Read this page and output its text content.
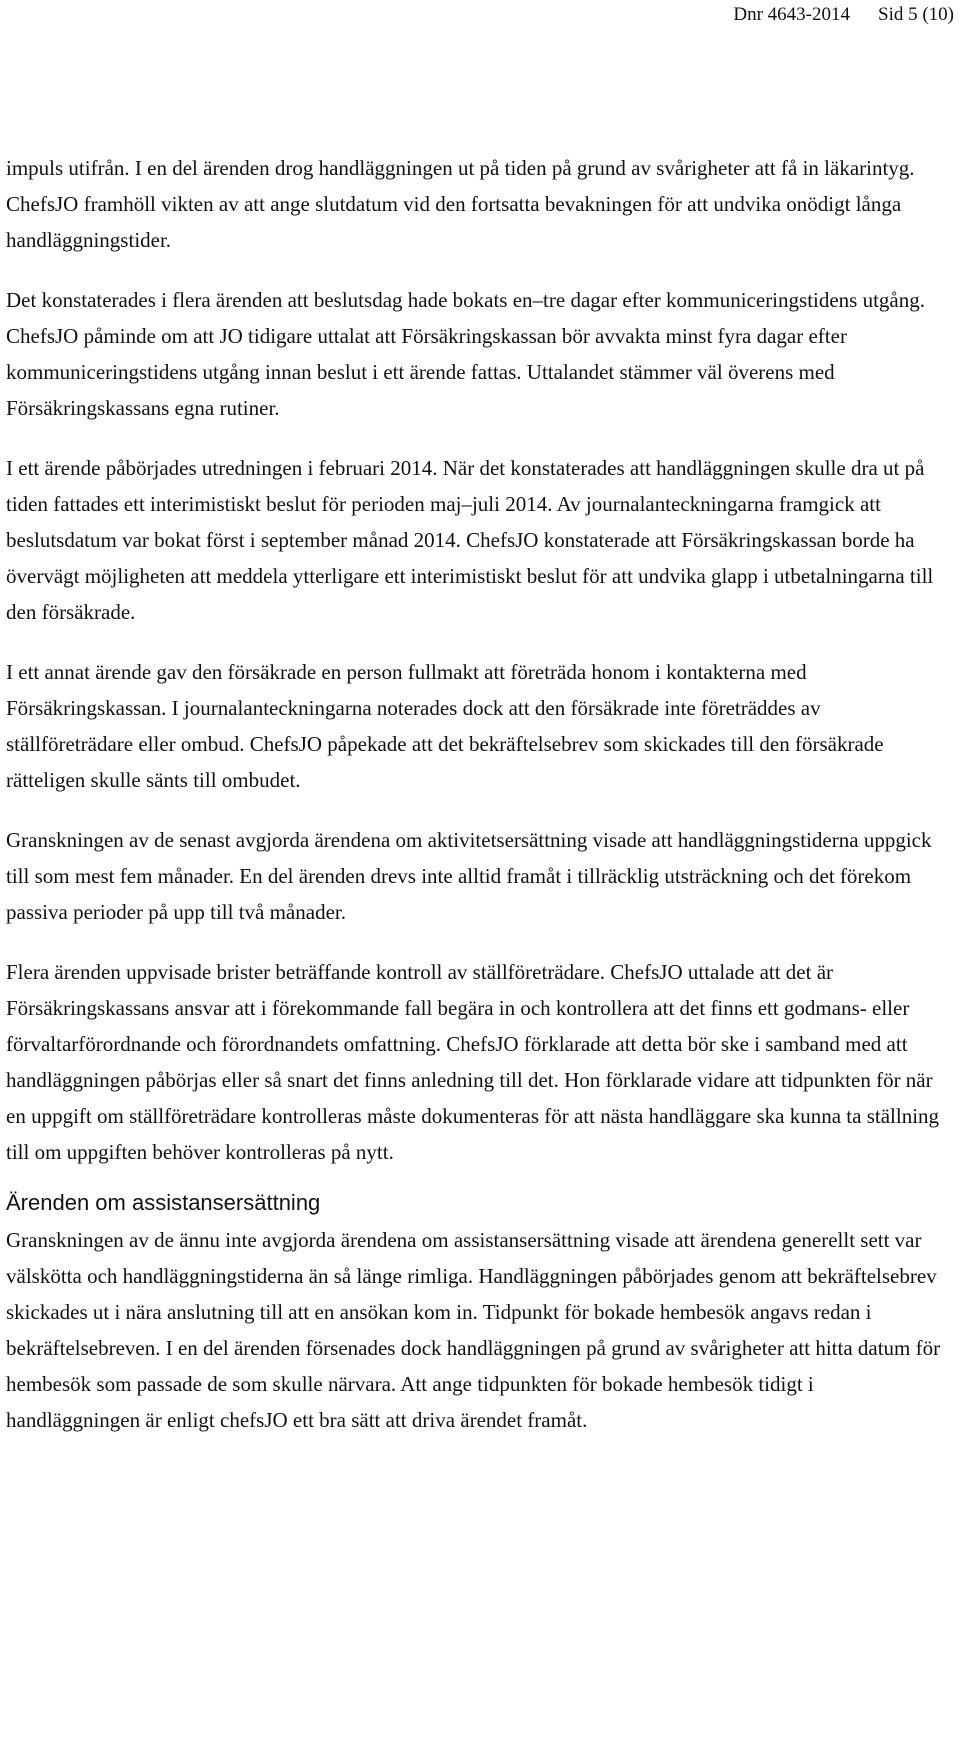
Dnr 4643-2014 Sid 5 (10)

impuls utifrån. I en del ärenden drog handläggningen ut på tiden på grund av svårigheter att få in läkarintyg. ChefsJO framhöll vikten av att ange slutdatum vid den fortsatta bevakningen för att undvika onödigt långa handläggningstider.

Det konstaterades i flera ärenden att beslutsdag hade bokats en–tre dagar efter kommuniceringstidens utgång. ChefsJO påminde om att JO tidigare uttalat att Försäkringskassan bör avvakta minst fyra dagar efter kommuniceringstidens utgång innan beslut i ett ärende fattas. Uttalandet stämmer väl överens med Försäkringskassans egna rutiner.

I ett ärende påbörjades utredningen i februari 2014. När det konstaterades att handläggningen skulle dra ut på tiden fattades ett interimistiskt beslut för perioden maj–juli 2014. Av journalanteckningarna framgick att beslutsdatum var bokat först i september månad 2014. ChefsJO konstaterade att Försäkringskassan borde ha övervägt möjligheten att meddela ytterligare ett interimistiskt beslut för att undvika glapp i utbetalningarna till den försäkrade.

I ett annat ärende gav den försäkrade en person fullmakt att företräda honom i kontakterna med Försäkringskassan. I journalanteckningarna noterades dock att den försäkrade inte företräddes av ställföreträdare eller ombud. ChefsJO påpekade att det bekräftelsebrev som skickades till den försäkrade rätteligen skulle sänts till ombudet.

Granskningen av de senast avgjorda ärendena om aktivitetsersättning visade att handläggningstiderna uppgick till som mest fem månader. En del ärenden drevs inte alltid framåt i tillräcklig utsträckning och det förekom passiva perioder på upp till två månader.

Flera ärenden uppvisade brister beträffande kontroll av ställföreträdare. ChefsJO uttalade att det är Försäkringskassans ansvar att i förekommande fall begära in och kontrollera att det finns ett godmans- eller förvaltarförordnande och förordnandets omfattning. ChefsJO förklarade att detta bör ske i samband med att handläggningen påbörjas eller så snart det finns anledning till det. Hon förklarade vidare att tidpunkten för när en uppgift om ställföreträdare kontrolleras måste dokumenteras för att nästa handläggare ska kunna ta ställning till om uppgiften behöver kontrolleras på nytt.

Ärenden om assistansersättning

Granskningen av de ännu inte avgjorda ärendena om assistansersättning visade att ärendena generellt sett var välskötta och handläggningstiderna än så länge rimliga. Handläggningen påbörjades genom att bekräftelsebrev skickades ut i nära anslutning till att en ansökan kom in. Tidpunkt för bokade hembesök angavs redan i bekräftelsebreven. I en del ärenden försenades dock handläggningen på grund av svårigheter att hitta datum för hembesök som passade de som skulle närvara. Att ange tidpunkten för bokade hembesök tidigt i handläggningen är enligt chefsJO ett bra sätt att driva ärendet framåt.
